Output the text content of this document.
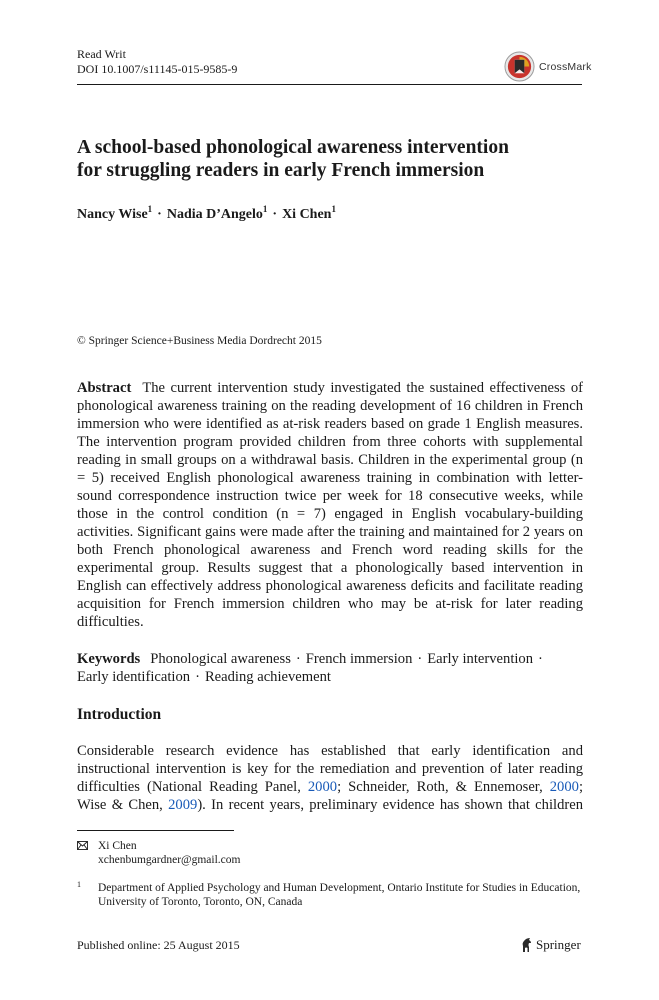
Read Writ
DOI 10.1007/s11145-015-9585-9	CrossMark
A school-based phonological awareness intervention
for struggling readers in early French immersion
Nancy Wise$^1$ · Nadia D’Angelo$^1$ · Xi Chen$^1$
© Springer Science+Business Media Dordrecht 2015
Abstract The current intervention study investigated the sustained effectiveness of phonological awareness training on the reading development of 16 children in French immersion who were identified as at-risk readers based on grade 1 English measures. The intervention program provided children from three cohorts with supplemental reading in small groups on a withdrawal basis. Children in the experimental group (n = 5) received English phonological awareness training in combination with letter-sound correspondence instruction twice per week for 18 consecutive weeks, while those in the control condition (n = 7) engaged in English vocabulary-building activities. Significant gains were made after the training and maintained for 2 years on both French phonological awareness and French word reading skills for the experimental group. Results suggest that a phonologically based intervention in English can effectively address phonological awareness deficits and facilitate reading acquisition for French immersion children who may be at-risk for later reading difficulties.
Keywords Phonological awareness · French immersion · Early intervention ·
Early identification · Reading achievement
Introduction
Considerable research evidence has established that early identification and instructional intervention is key for the remediation and prevention of later reading difficulties (National Reading Panel, 2000; Schneider, Roth, & Ennemoser, 2000; Wise & Chen, 2009). In recent years, preliminary evidence has shown that children
Xi Chen
xchenbumgardner@gmail.com
1 Department of Applied Psychology and Human Development, Ontario Institute for Studies in Education, University of Toronto, Toronto, ON, Canada
Published online: 25 August 2015	Springer
